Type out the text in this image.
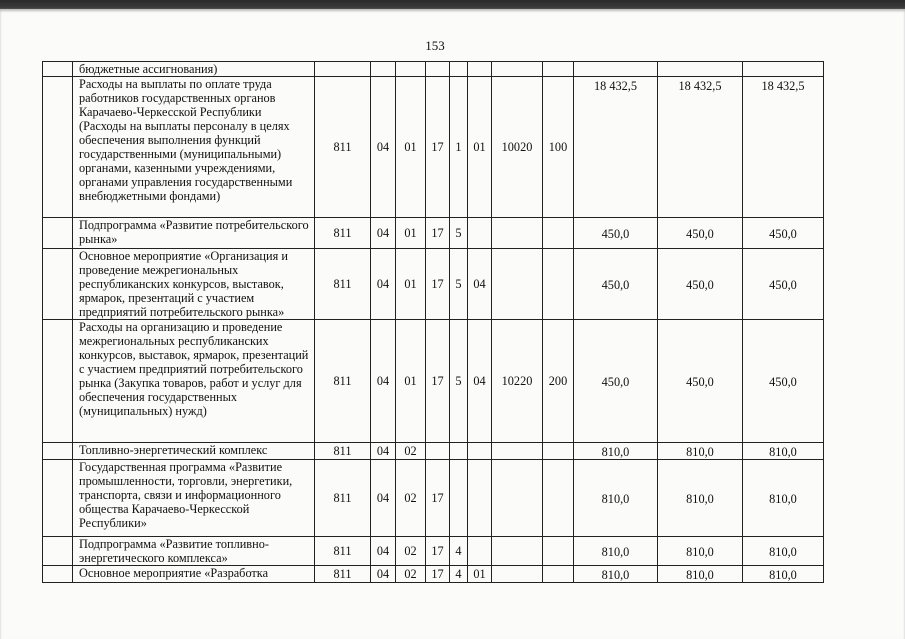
153
	бюджетные ассигнования)											
	Расходы на выплаты по оплате труда работников государственных органов Карачаево-Черкесской Республики (Расходы на выплаты персоналу в целях обеспечения выполнения функций государственными (муниципальными) органами, казенными учреждениями, органами управления государственными внебюджетными фондами)	811	04	01	17	1	01	10020	100	18 432,5	18 432,5	18 432,5
	Подпрограмма «Развитие потребительского рынка»	811	04	01	17	5				450,0	450,0	450,0
	Основное мероприятие «Организация и проведение межрегиональных республиканских конкурсов, выставок, ярмарок, презентаций с участием предприятий потребительского рынка»	811	04	01	17	5	04			450,0	450,0	450,0
	Расходы на организацию и проведение межрегиональных республиканских конкурсов, выставок, ярмарок, презентаций с участием предприятий потребительского рынка (Закупка товаров, работ и услуг для обеспечения государственных (муниципальных) нужд)	811	04	01	17	5	04	10220	200	450,0	450,0	450,0
	Топливно-энергетический комплекс	811	04	02						810,0	810,0	810,0
	Государственная программа «Развитие промышленности, торговли, энергетики, транспорта, связи и информационного общества Карачаево-Черкесской Республики»	811	04	02	17					810,0	810,0	810,0
	Подпрограмма «Развитие топливно-энергетического комплекса»	811	04	02	17	4				810,0	810,0	810,0
	Основное мероприятие «Разработка	811	04	02	17	4	01			810,0	810,0	810,0
